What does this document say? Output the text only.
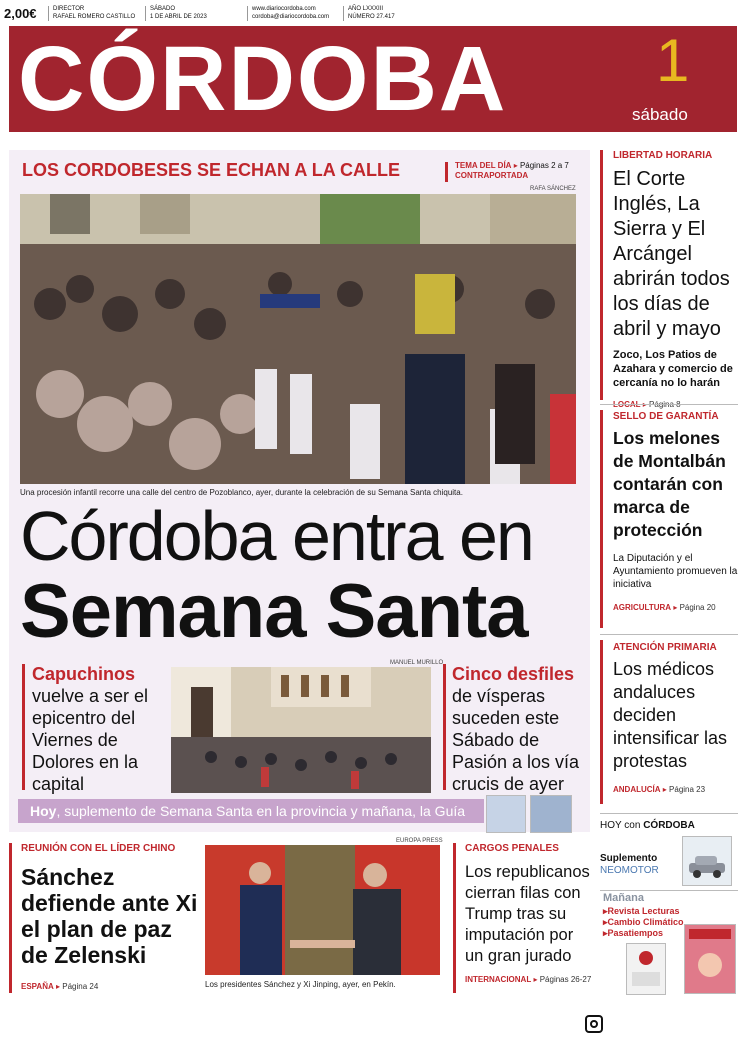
2,00€	DIRECTOR
RAFAEL ROMERO CASTILLO
SÁBADO
1 DE ABRIL DE 2023
www.diariocordoba.com
cordoba@diariocordoba.com
AÑO LXXXIII
NÚMERO 27.417
CÓRDOBA 1
sábado
LOS CORDOBESES SE ECHAN A LA CALLE	TEMA DEL DÍA ▸ Páginas 2 a 7
CONTRAPORTADA
RAFA SÁNCHEZ
Una procesión infantil recorre una calle del centro de Pozoblanco, ayer, durante la celebración de su Semana Santa chiquita.
Córdoba entra en
Semana Santa
Capuchinos
vuelve a ser el epicentro del Viernes de Dolores en la capital
MANUEL MURILLO
Cinco desfiles
de vísperas suceden este Sábado de Pasión a los vía crucis de ayer
Hoy, suplemento de Semana Santa en la provincia y mañana, la Guía
LIBERTAD HORARIA
El Corte Inglés, La Sierra y El Arcángel abrirán todos los días de abril y mayo
Zoco, Los Patios de Azahara y comercio de cercanía no lo harán
SELLO DE GARANTÍA
Los melones de Montalbán contarán con marca de protección
La Diputación y el Ayuntamiento promueven la iniciativa
AGRICULTURA ▸ Página 20
ATENCIÓN PRIMARIA
Los médicos andaluces deciden intensificar las protestas
ANDALUCÍA ▸ Página 23
HOY con CÓRDOBA
Suplemento
NEOMOTOR
Mañana
▸Revista Lecturas
▸Cambio Climático
▸Pasatiempos
REUNIÓN CON EL LÍDER CHINO
Sánchez defiende ante Xi el plan de paz de Zelenski
ESPAÑA ▸ Página 24
EUROPA PRESS
Los presidentes Sánchez y Xi Jinping, ayer, en Pekín.
CARGOS PENALES
Los republicanos cierran filas con Trump tras su imputación por un gran jurado
INTERNACIONAL ▸ Páginas 26-27
